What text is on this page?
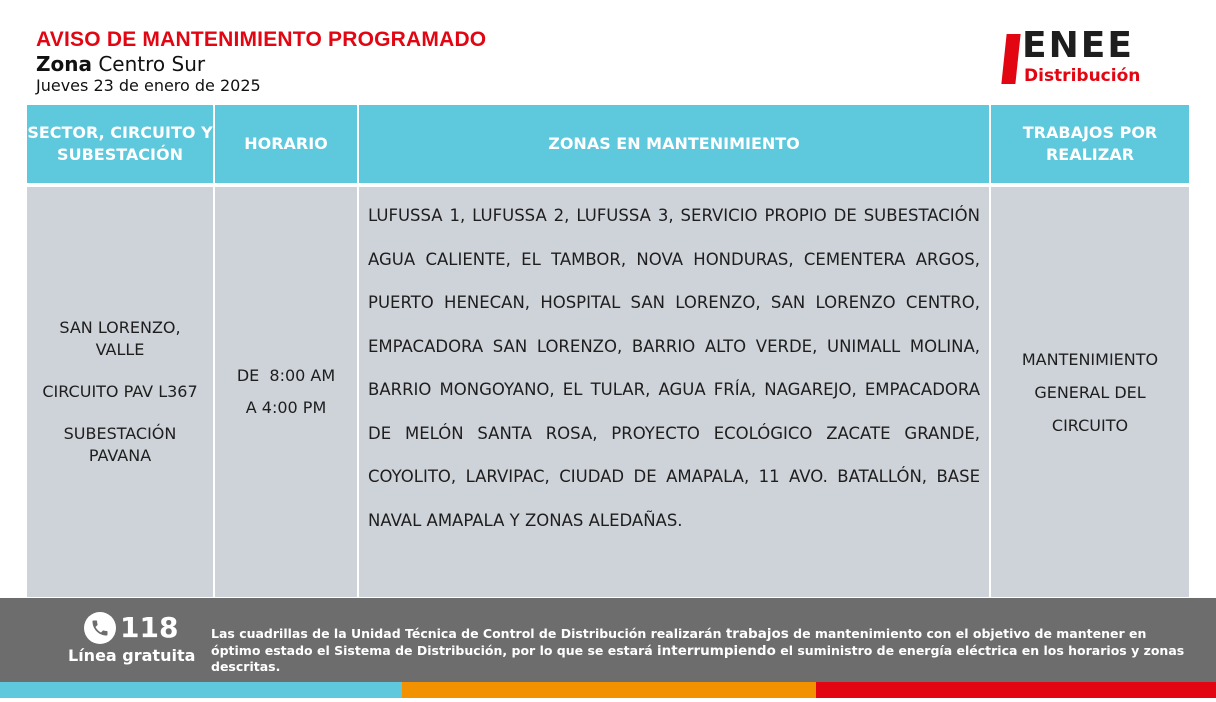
AVISO DE MANTENIMIENTO PROGRAMADO
Zona Centro Sur
Jueves 23 de enero de 2025
ENEE
Distribución
SECTOR, CIRCUITO Y SUBESTACIÓN
HORARIO	ZONAS EN MANTENIMIENTO
TRABAJOS POR REALIZAR

SAN LORENZO, VALLE

CIRCUITO PAV L367

SUBESTACIÓN PAVANA

DE  8:00 AM
A 4:00 PM
LUFUSSA 1, LUFUSSA 2, LUFUSSA 3, SERVICIO PROPIO DE SUBESTACIÓN AGUA CALIENTE, EL TAMBOR, NOVA HONDURAS, CEMENTERA ARGOS, PUERTO HENECAN, HOSPITAL SAN LORENZO, SAN LORENZO CENTRO, EMPACADORA SAN LORENZO, BARRIO ALTO VERDE, UNIMALL MOLINA, BARRIO MONGOYANO, EL TULAR, AGUA FRÍA, NAGAREJO, EMPACADORA DE MELÓN SANTA ROSA, PROYECTO ECOLÓGICO ZACATE GRANDE, COYOLITO, LARVIPAC, CIUDAD DE AMAPALA, 11 AVO. BATALLÓN, BASE NAVAL AMAPALA Y ZONAS ALEDAÑAS.
MANTENIMIENTO GENERAL DEL CIRCUITO
118
Línea gratuita
Las cuadrillas de la Unidad Técnica de Control de Distribución realizarán trabajos de mantenimiento con el objetivo de mantener en óptimo estado el Sistema de Distribución, por lo que se estará interrumpiendo el suministro de energía eléctrica en los horarios y zonas descritas.
